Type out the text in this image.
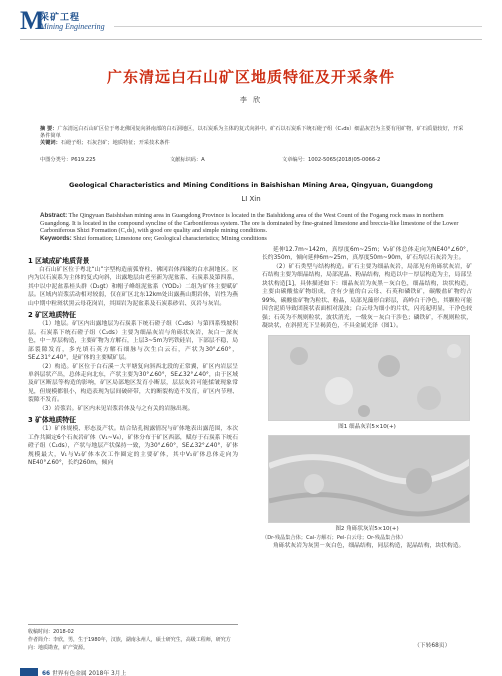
M
采矿工程
Mining Engineering
广东清远白石山矿区地质特征及开采条件
李 欣
摘 要：广东清远白石山矿区位于粤北佛冈复向斜南部的白石洞地区，以石炭系为主体的复式向斜中。矿石以石炭系下统石磴子组（C₁ds）细晶灰岩为主要有用矿物，矿石质量较好，开采条件简单
关键词：石磴子组；石灰岩矿；地质特征；开采技术条件
中图分类号：P619.225	文献标识码：A	文章编号：1002-5065(2018)05-0066-2
Geological Characteristics and Mining Conditions in Baishishan Mining Area, Qingyuan, Guangdong
LI Xin
Abstract: The Qingyuan Baishishan mining area in Guangdong Province is located in the Baishidong area of the West Count of the Fogang rock mass in northern Guangdong. It is located in the compound syncline of the Carboniferous system. The ore is dominated by fine-grained limestone and breccia-like limestone of the Lower Carboniferous Shizi Formation (C₁ds), with good ore quality and simple mining conditions.
Keywords: Shizi formation; Limestone ore; Geological characteristics; Mining conditions
1 区域成矿地质背景

白石山矿区位于粤北“山”字型构造前弧脊柱、佛冈岩体西缘的白水洞地区。区内为以石炭系为主体的复式向斜，出露地层由老至新为泥盆系、石炭系及第四系，其中以中泥盆系桂头群（D₂gt）和帽子峰组泥盆系（YOD₂）二组为矿体主要赋矿层。区域内岩浆活动相对较弱，仅在矿区北东12km处出露燕山期岩体，岩性为燕山中期中粒斑状黑云母花岗岩，其围岩为泥盆系及石炭系砂岩、页岩与灰岩。

2 矿区地质特征

（1）地层。矿区内出露地层为石炭系下统石磴子组（C₁ds）与第四系残坡积层。石炭系下统石磴子组（C₁ds）主要为细晶灰岩与角砾状灰岩，灰白－深灰色，中－厚层构造，主要矿物为方解石，上层3~5m为钙铁硅岩，下部层不稳，局部裂隙发育，多充填石英方解石细脉与次生白云石，产状为30°∠60°，SE∠31°∠40°，是矿体的主要赋矿层。

（2）构造。矿区位于白石溪－大平塘复向斜西北段的正常翼，矿区内岩层呈单斜层状产出，总体走向北东，产状主要为30°∠60°，SE∠32°∠40°，由于区域及矿区断层等构造的影响，矿区局部地区发育小断层，层层灰岩可能揉皱现象常见，但规模都很小，构造表现为层间破碎带，大的断裂构造不发育，矿区内节理、裂隙不发育。

（3）岩浆岩。矿区内未见岩浆岩体及与之有关的岩脉出现。

3 矿体地质特征

（1）矿体规模、形态及产状。结合钻孔揭露情况与矿体地表出露范围，本次工作共圈定6个石灰岩矿体（V₁~V₆），矿体分布于矿区西部，赋存于石炭系下统石磴子组（C₁ds），产状与地层产状保持一致，为30°∠60°，SE∠32°∠40°，矿体规模最大，V₁与V₂矿体本次工作圈定的主要矿体，其中V₁矿体总体走向为NE40°∠60°，长约260m，倾向

收稿时间：2018-02
作者简介：李欣，男，生于1980年，汉族，湖南永州人，硕士研究生，高级工程师，研究方向：地质勘查，矿产资源。

延伸12.7m~142m，真厚度6m~25m；V₂矿体总体走向为NE40°∠60°，长约350m，倾向延伸6m~25m，真厚度50m~90m，矿石均以石灰岩为主。

（2）矿石类型与结构构造。矿石主要为细晶灰岩，局部见有角砾状灰岩，矿石结构主要为细晶结构，局部泥晶、粉晶结构，构造以中－厚层构造为主，局部呈块状构造[1]，具体描述如下：细晶灰岩为灰黑－灰白色，细晶结构，块状构造，主要由碳酸盐矿物组成，含有少量的白云母、石英和磷铁矿，碳酸盐矿物约占99%，碳酸盐矿物为粒状、粉晶，局部见藻形白彩层，高岭白干净色，其颗粒可能因含泥质导致团簇状表面相对混浊；白云母为细小的片状，闪亮起明显，干净色较强；石英为不规则粒状，波状消光，一级灰－灰白干涉色；磷铁矿，不规则粒状，凝块状，在斜照光下呈褐黄色，不具金属光泽（图1）。

图1 细晶灰岩5×10(+)
图2 角砾状灰岩5×10(+)
（Dr-残晶集合体；Cal-方解石；Pel-白云母；Or-残晶集合体）

角砾状灰岩为灰黑－灰白色，细晶结构，同层构造，泥晶结构，块状构造。

（下转68页）
66 世界有色金属 2018年 3月上
